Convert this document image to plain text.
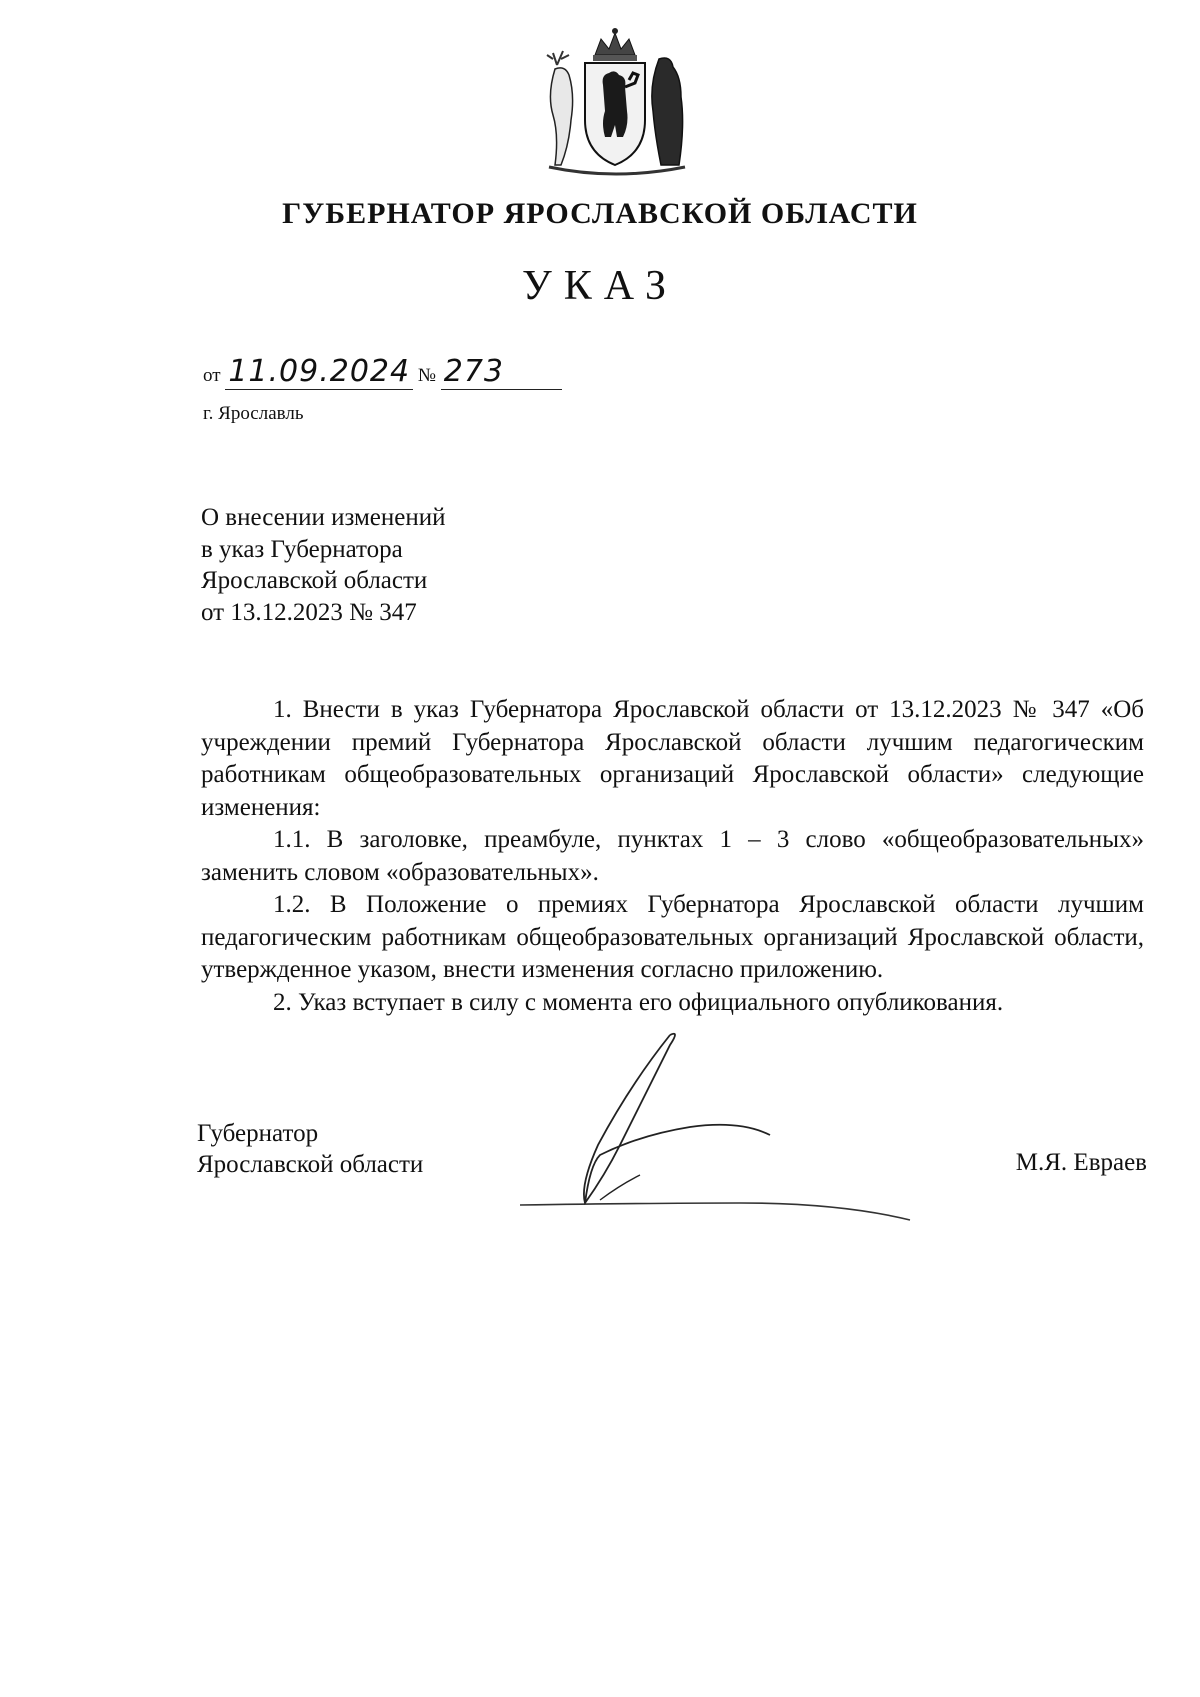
ГУБЕРНАТОР ЯРОСЛАВСКОЙ ОБЛАСТИ
УКАЗ
от 11.09.2024 № 273
г. Ярославль
О внесении изменений
в указ Губернатора
Ярославской области
от 13.12.2023 № 347

1. Внести в указ Губернатора Ярославской области от 13.12.2023 № 347 «Об учреждении премий Губернатора Ярославской области лучшим педагогическим работникам общеобразовательных организаций Ярославской области» следующие изменения:

1.1. В заголовке, преамбуле, пунктах 1 – 3 слово «общеобразовательных» заменить словом «образовательных».

1.2. В Положение о премиях Губернатора Ярославской области лучшим педагогическим работникам общеобразовательных организаций Ярославской области, утвержденное указом, внести изменения согласно приложению.

2. Указ вступает в силу с момента его официального опубликования.

Губернатор
Ярославской области	М.Я. Евраев
